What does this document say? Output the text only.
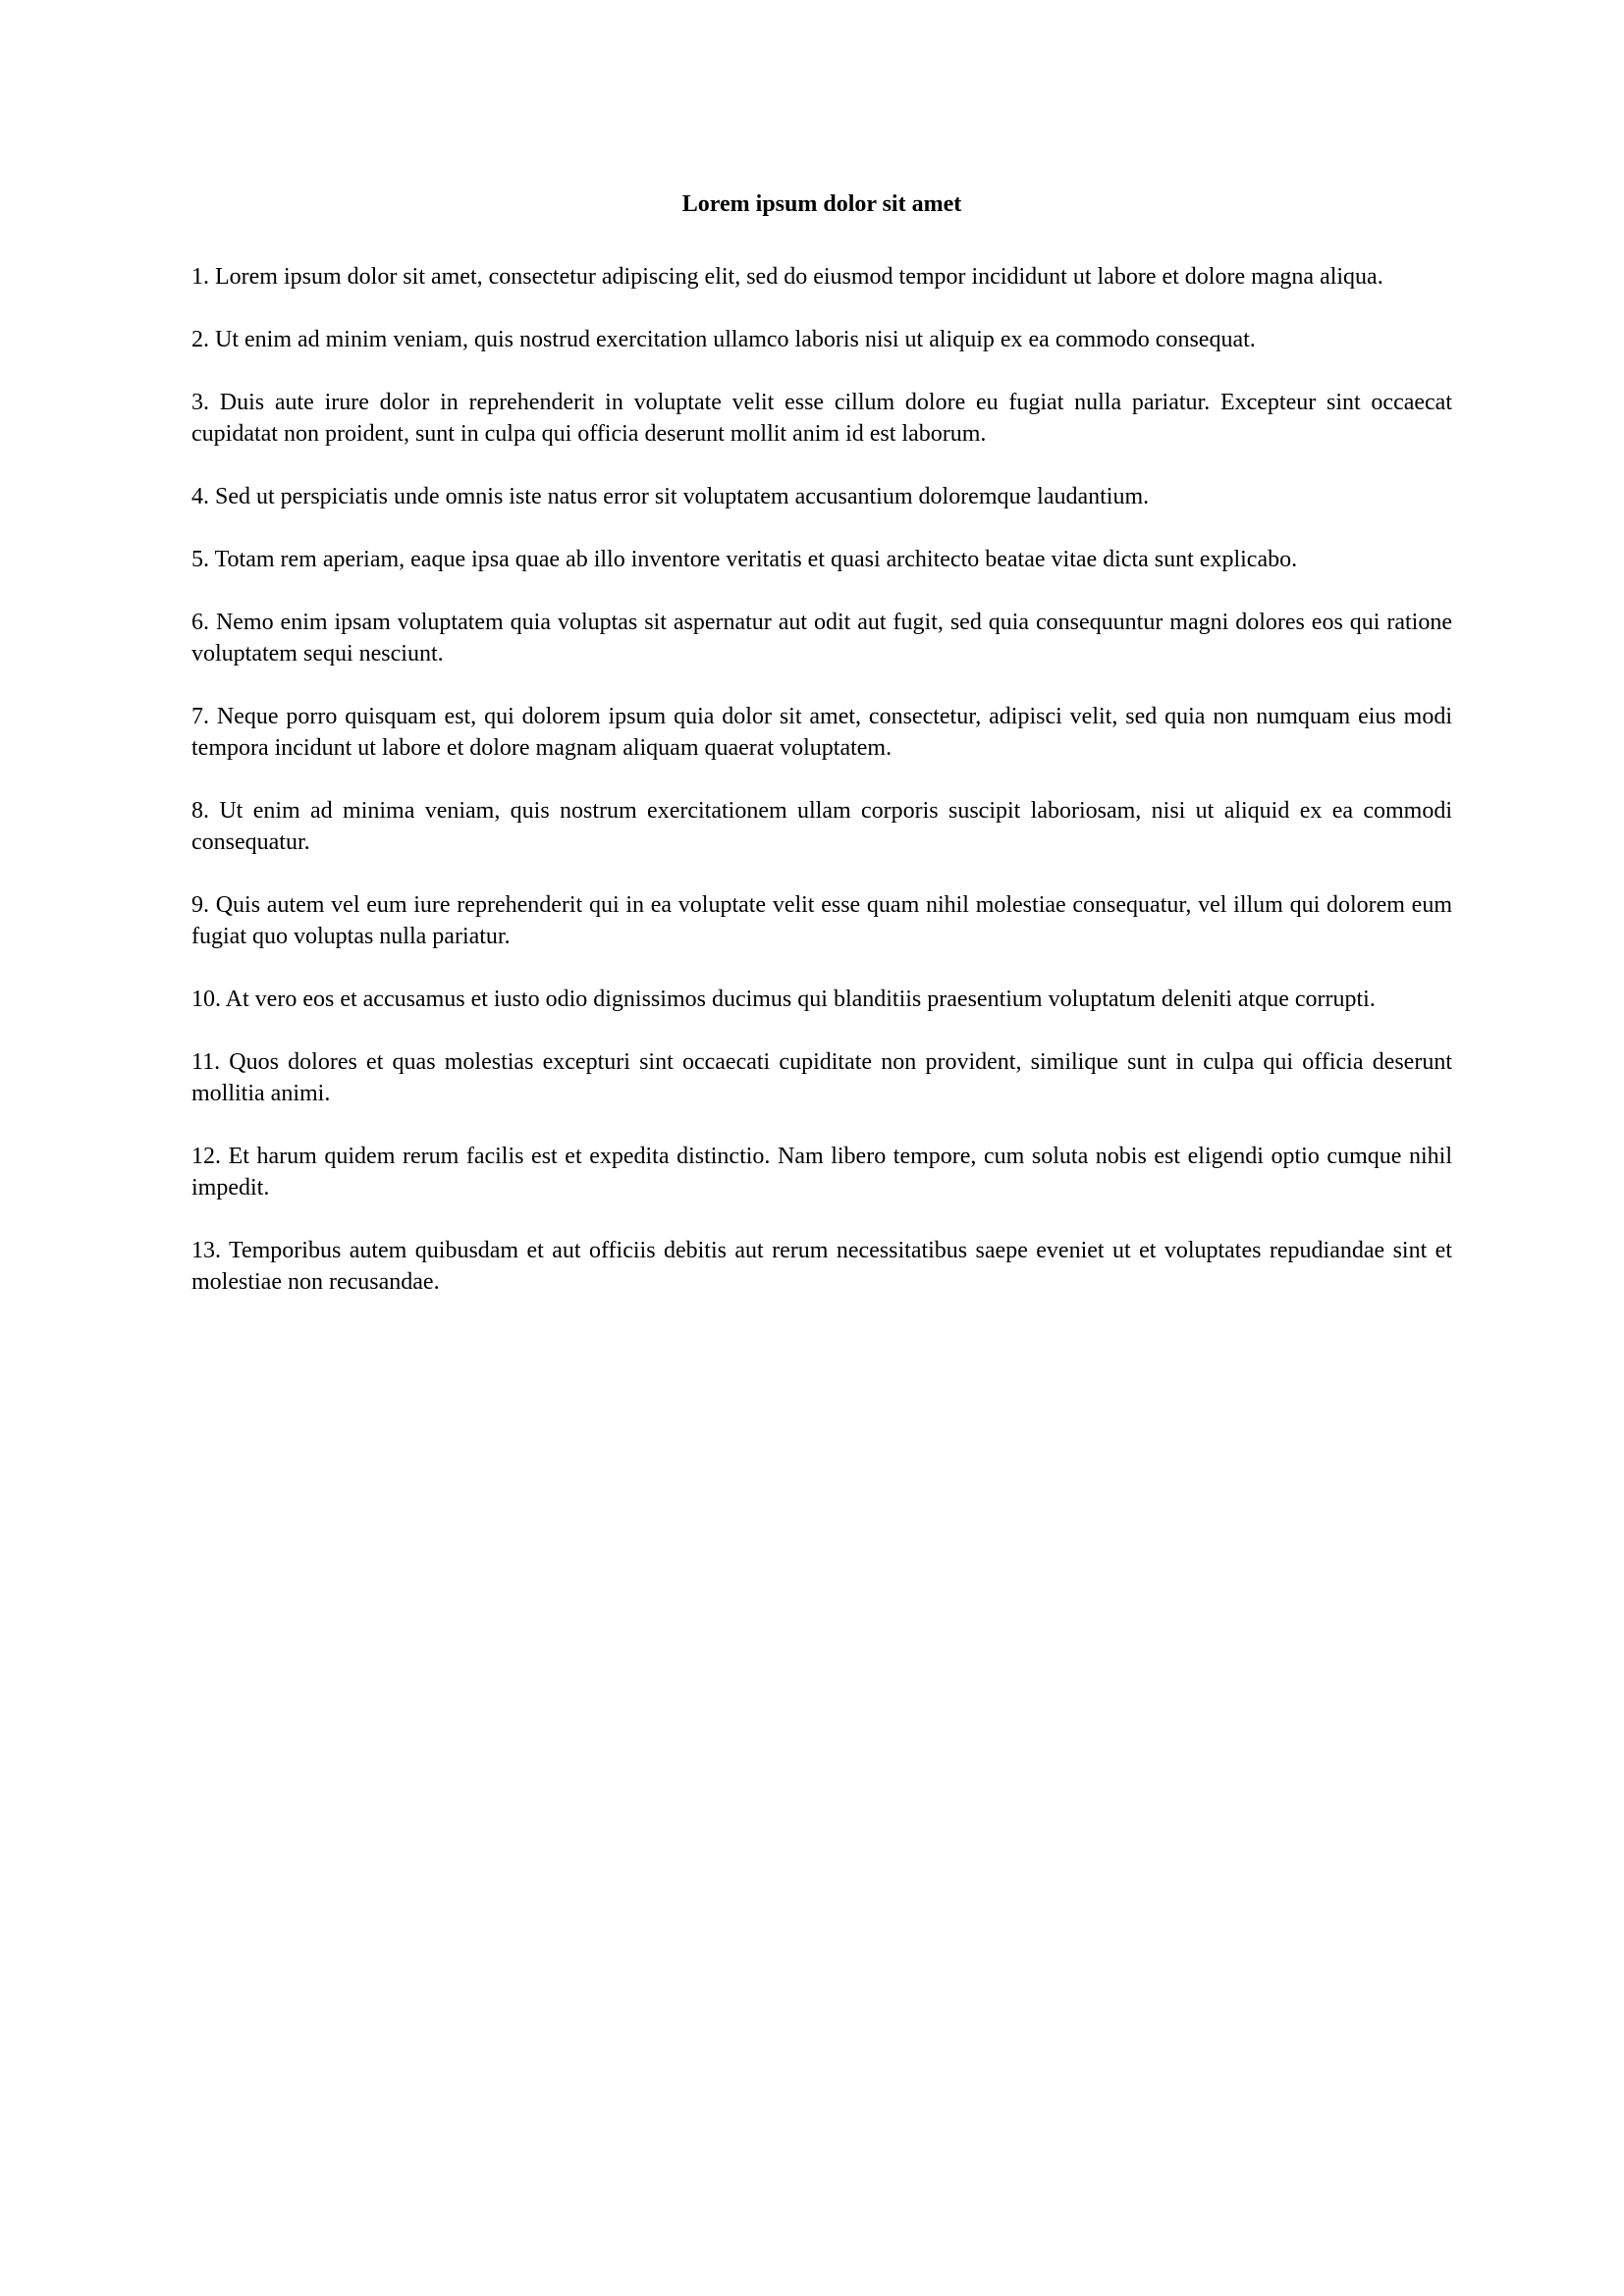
Lorem ipsum dolor sit amet

1. Lorem ipsum dolor sit amet, consectetur adipiscing elit, sed do eiusmod tempor incididunt ut labore et dolore magna aliqua.

2. Ut enim ad minim veniam, quis nostrud exercitation ullamco laboris nisi ut aliquip ex ea commodo consequat.

3. Duis aute irure dolor in reprehenderit in voluptate velit esse cillum dolore eu fugiat nulla pariatur. Excepteur sint occaecat cupidatat non proident, sunt in culpa qui officia deserunt mollit anim id est laborum.

4. Sed ut perspiciatis unde omnis iste natus error sit voluptatem accusantium doloremque laudantium.

5. Totam rem aperiam, eaque ipsa quae ab illo inventore veritatis et quasi architecto beatae vitae dicta sunt explicabo.

6. Nemo enim ipsam voluptatem quia voluptas sit aspernatur aut odit aut fugit, sed quia consequuntur magni dolores eos qui ratione voluptatem sequi nesciunt.

7. Neque porro quisquam est, qui dolorem ipsum quia dolor sit amet, consectetur, adipisci velit, sed quia non numquam eius modi tempora incidunt ut labore et dolore magnam aliquam quaerat voluptatem.

8. Ut enim ad minima veniam, quis nostrum exercitationem ullam corporis suscipit laboriosam, nisi ut aliquid ex ea commodi consequatur.

9. Quis autem vel eum iure reprehenderit qui in ea voluptate velit esse quam nihil molestiae consequatur, vel illum qui dolorem eum fugiat quo voluptas nulla pariatur.

10. At vero eos et accusamus et iusto odio dignissimos ducimus qui blanditiis praesentium voluptatum deleniti atque corrupti.

11. Quos dolores et quas molestias excepturi sint occaecati cupiditate non provident, similique sunt in culpa qui officia deserunt mollitia animi.

12. Et harum quidem rerum facilis est et expedita distinctio. Nam libero tempore, cum soluta nobis est eligendi optio cumque nihil impedit.

13. Temporibus autem quibusdam et aut officiis debitis aut rerum necessitatibus saepe eveniet ut et voluptates repudiandae sint et molestiae non recusandae.
